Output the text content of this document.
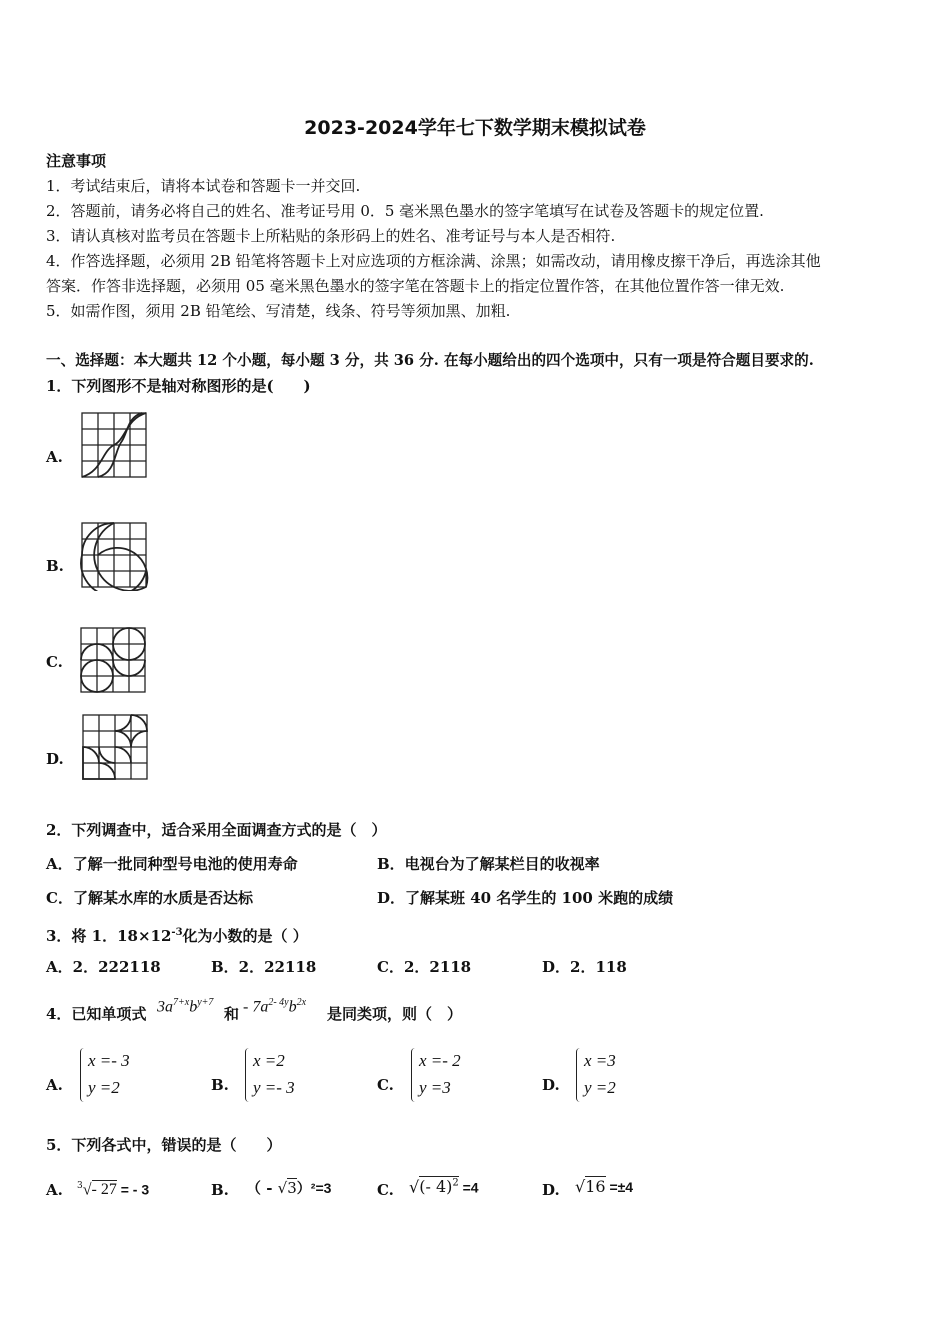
2023-2024学年七下数学期末模拟试卷
注意事项
1．考试结束后，请将本试卷和答题卡一并交回.
2．答题前，请务必将自己的姓名、准考证号用 0．5 毫米黑色墨水的签字笔填写在试卷及答题卡的规定位置.
3．请认真核对监考员在答题卡上所粘贴的条形码上的姓名、准考证号与本人是否相符.
4．作答选择题，必须用 2B 铅笔将答题卡上对应选项的方框涂满、涂黑；如需改动，请用橡皮擦干净后，再选涂其他
答案．作答非选择题，必须用 05 毫米黑色墨水的签字笔在答题卡上的指定位置作答，在其他位置作答一律无效.
5．如需作图，须用 2B 铅笔绘、写清楚，线条、符号等须加黑、加粗.
一、选择题：本大题共 12 个小题，每小题 3 分，共 36 分. 在每小题给出的四个选项中，只有一项是符合题目要求的.
1．下列图形不是轴对称图形的是(　　)
A.
B.
C.
D.
2．下列调查中，适合采用全面调查方式的是（　）
A．了解一批同种型号电池的使用寿命	B．电视台为了解某栏目的收视率
C．了解某水库的水质是否达标	D．了解某班 40 名学生的 100 米跑的成绩
3．将 1．$18\times 12^{-3}$化为小数的是（ ）
A．2．222118	B．2．22118	C．2．2118	D．2．118
4．已知单项式 $3a^{7+x}b^{y+7}$
和 - $7a^{2- 4y}b^{2x}$
是同类项，则（　）
A.
x =- 3
y =2	B.
x =2
y =- 3	C.
x =- 2
y =3	D.
x =3
y =2
5．下列各式中，错误的是（　　）
A. $^3$√- 27 = - 3	B. （ - √3）²=3	C. √(- 4)$^2$ =4	D. √16 =±4
